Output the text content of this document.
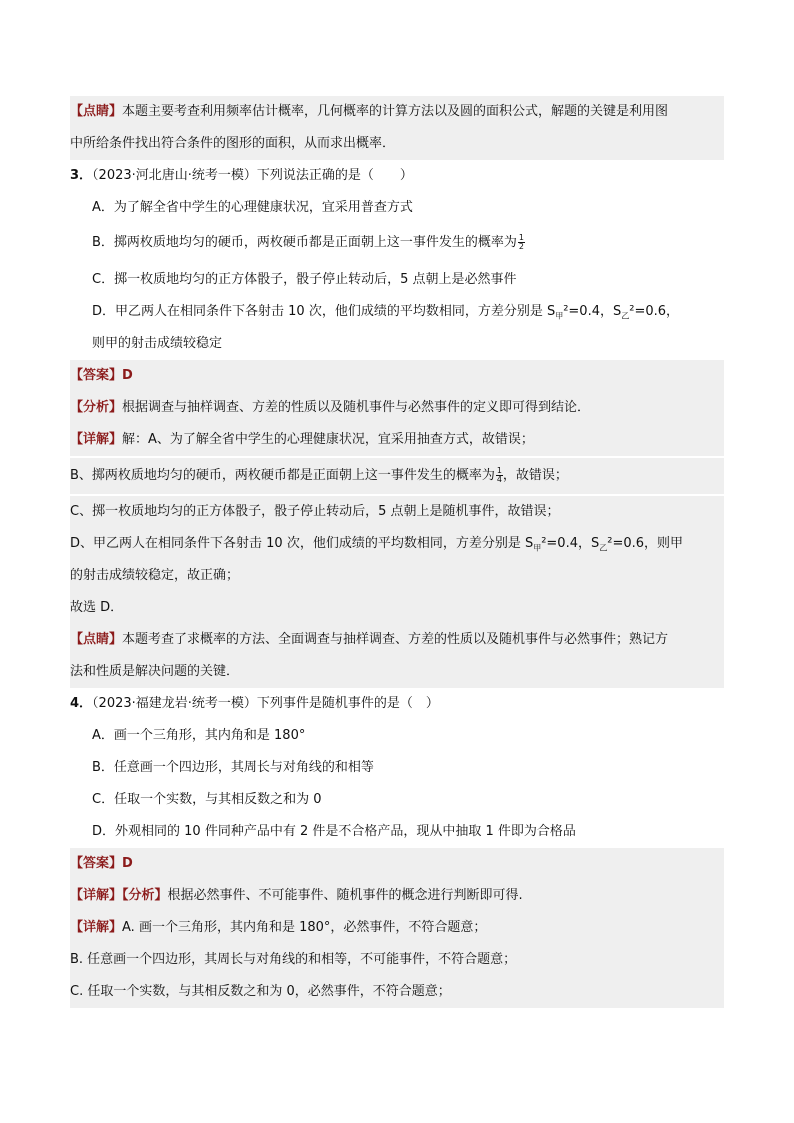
【点睛】本题主要考查利用频率估计概率，几何概率的计算方法以及圆的面积公式，解题的关键是利用图
中所给条件找出符合条件的图形的面积，从而求出概率．
3．（2023·河北唐山·统考一模）下列说法正确的是（　　）
A．为了解全省中学生的心理健康状况，宜采用普查方式
B．掷两枚质地均匀的硬币，两枚硬币都是正面朝上这一事件发生的概率为 $\frac{1}{2}$
C．掷一枚质地均匀的正方体骰子，骰子停止转动后，5 点朝上是必然事件
D．甲乙两人在相同条件下各射击 10 次，他们成绩的平均数相同，方差分别是 $S_甲^2=0.4$，$S_乙^2=0.6$，
则甲的射击成绩较稳定
【答案】D
【分析】根据调查与抽样调查、方差的性质以及随机事件与必然事件的定义即可得到结论．
【详解】解：A、为了解全省中学生的心理健康状况，宜采用抽查方式，故错误；
B、掷两枚质地均匀的硬币，两枚硬币都是正面朝上这一事件发生的概率为 $\frac{1}{4}$ ，故错误；
C、掷一枚质地均匀的正方体骰子，骰子停止转动后，5 点朝上是随机事件，故错误；
D、甲乙两人在相同条件下各射击 10 次，他们成绩的平均数相同，方差分别是 $S_甲^2=0.4$，$S_乙^2=0.6$，则甲
的射击成绩较稳定，故正确；
故选 D．
【点睛】本题考查了求概率的方法、全面调查与抽样调查、方差的性质以及随机事件与必然事件；熟记方
法和性质是解决问题的关键．
4．（2023·福建龙岩·统考一模）下列事件是随机事件的是（　）
A．画一个三角形，其内角和是 180°
B．任意画一个四边形，其周长与对角线的和相等
C．任取一个实数，与其相反数之和为 0
D．外观相同的 10 件同种产品中有 2 件是不合格产品，现从中抽取 1 件即为合格品
【答案】D
【详解】【分析】根据必然事件、不可能事件、随机事件的概念进行判断即可得.
【详解】A. 画一个三角形，其内角和是 180°，必然事件，不符合题意；
B. 任意画一个四边形，其周长与对角线的和相等，不可能事件，不符合题意；
C. 任取一个实数，与其相反数之和为 0，必然事件，不符合题意；
